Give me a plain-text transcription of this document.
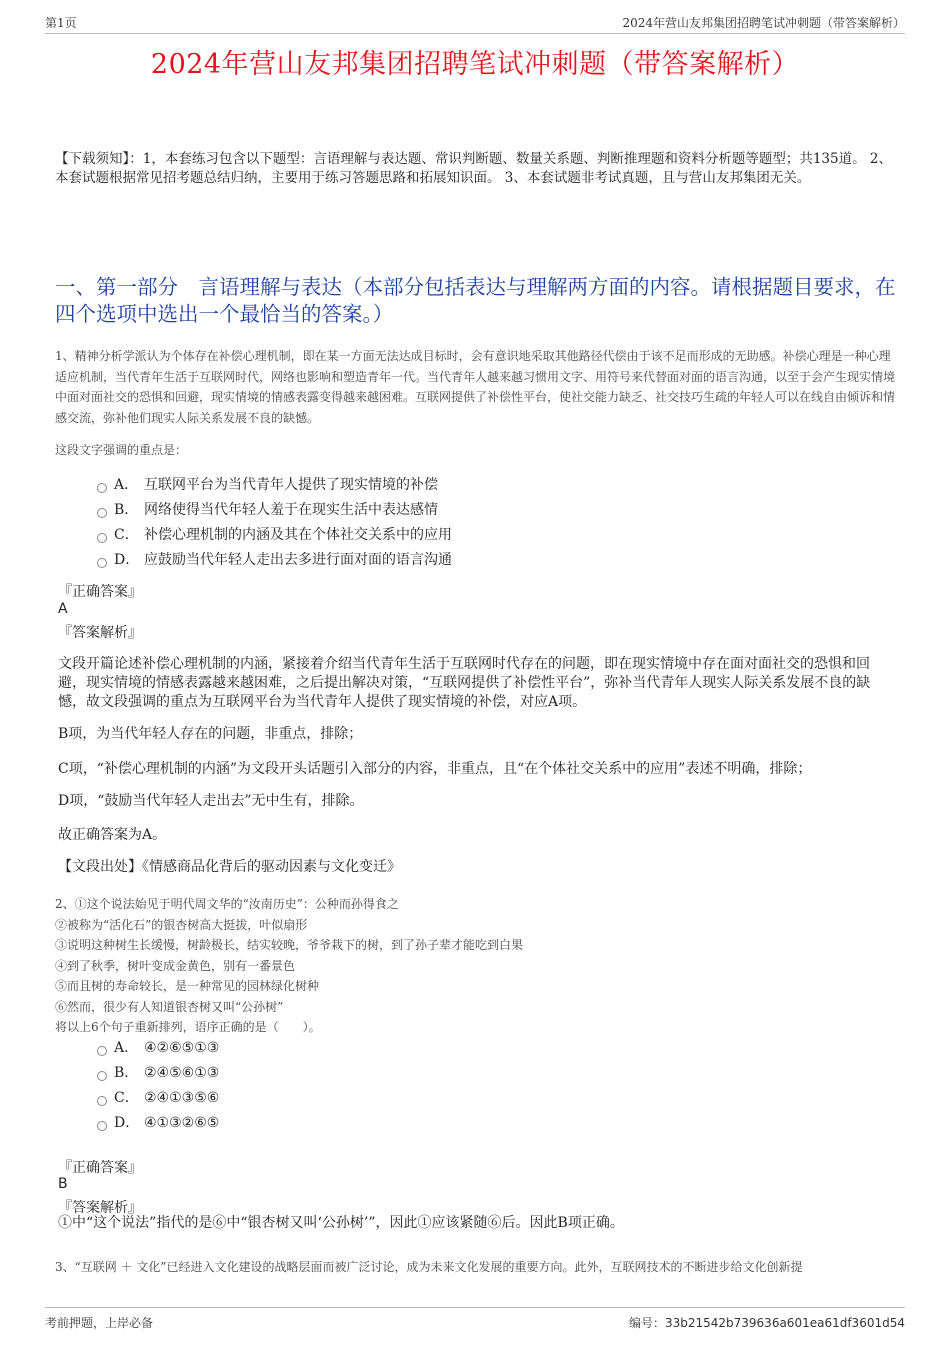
第1页	2024年营山友邦集团招聘笔试冲刺题（带答案解析）
2024年营山友邦集团招聘笔试冲刺题（带答案解析）
【下载须知】：1，本套练习包含以下题型：言语理解与表达题、常识判断题、数量关系题、判断推理题和资料分析题等题型；共135道。 2、本套试题根据常见招考题总结归纳，主要用于练习答题思路和拓展知识面。 3、本套试题非考试真题，且与营山友邦集团无关。
一、第一部分　言语理解与表达（本部分包括表达与理解两方面的内容。请根据题目要求，在四个选项中选出一个最恰当的答案。）
1、精神分析学派认为个体存在补偿心理机制，即在某一方面无法达成目标时，会有意识地采取其他路径代偿由于该不足而形成的无助感。补偿心理是一种心理适应机制，当代青年生活于互联网时代，网络也影响和塑造青年一代。当代青年人越来越习惯用文字、用符号来代替面对面的语言沟通，以至于会产生现实情境中面对面社交的恐惧和回避，现实情境的情感表露变得越来越困难。互联网提供了补偿性平台，使社交能力缺乏、社交技巧生疏的年轻人可以在线自由倾诉和情感交流，弥补他们现实人际关系发展不良的缺憾。
这段文字强调的重点是：
A． 互联网平台为当代青年人提供了现实情境的补偿
B． 网络使得当代年轻人羞于在现实生活中表达感情
C． 补偿心理机制的内涵及其在个体社交关系中的应用
D． 应鼓励当代年轻人走出去多进行面对面的语言沟通
『正确答案』
A
『答案解析』
文段开篇论述补偿心理机制的内涵，紧接着介绍当代青年生活于互联网时代存在的问题，即在现实情境中存在面对面社交的恐惧和回避，现实情境的情感表露越来越困难，之后提出解决对策，“互联网提供了补偿性平台”，弥补当代青年人现实人际关系发展不良的缺憾，故文段强调的重点为互联网平台为当代青年人提供了现实情境的补偿，对应A项。
B项，为当代年轻人存在的问题，非重点，排除；
C项，“补偿心理机制的内涵”为文段开头话题引入部分的内容，非重点，且“在个体社交关系中的应用”表述不明确，排除；
D项，“鼓励当代年轻人走出去”无中生有，排除。
故正确答案为A。
【文段出处】《情感商品化背后的驱动因素与文化变迁》
2、①这个说法始见于明代周文华的“汝南历史”：公种而孙得食之
②被称为“活化石”的银杏树高大挺拔，叶似扇形
③说明这种树生长缓慢，树龄极长，结实较晚，爷爷栽下的树，到了孙子辈才能吃到白果
④到了秋季，树叶变成金黄色，别有一番景色
⑤而且树的寿命较长，是一种常见的园林绿化树种
⑥然而，很少有人知道银杏树又叫“公孙树”
将以上6个句子重新排列，语序正确的是（　　）。
A． ④②⑥⑤①③
B． ②④⑤⑥①③
C． ②④①③⑤⑥
D． ④①③②⑥⑤
『正确答案』
B
『答案解析』
①中“这个说法”指代的是⑥中“银杏树又叫‘公孙树’”，因此①应该紧随⑥后。因此B项正确。
3、“互联网 ＋ 文化”已经进入文化建设的战略层面而被广泛讨论，成为未来文化发展的重要方向。此外，互联网技术的不断进步给文化创新提
考前押题，上岸必备	编号：33b21542b739636a601ea61df3601d54
